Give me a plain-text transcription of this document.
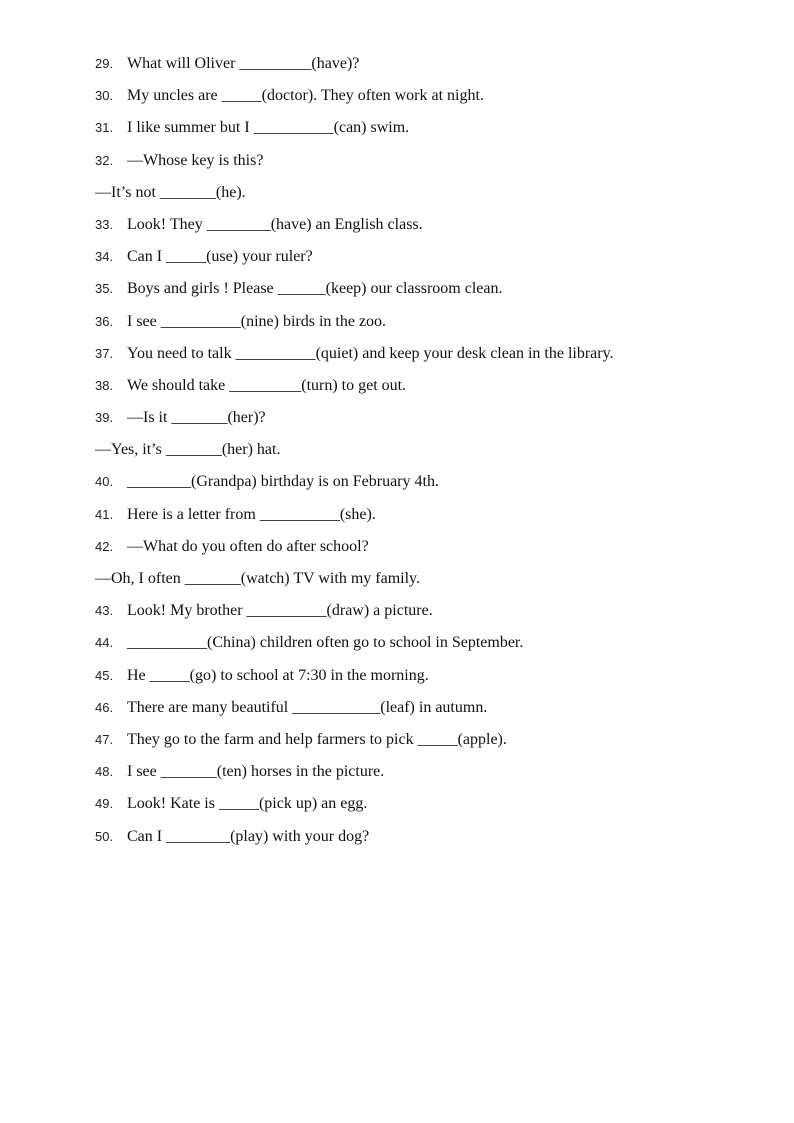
29. What will Oliver _________(have)?
30. My uncles are _____(doctor). They often work at night.
31. I like summer but I __________(can) swim.
32. —Whose key is this?
—It’s not _______(he).
33. Look! They ________(have) an English class.
34. Can I _____(use) your ruler?
35. Boys and girls ! Please ______(keep) our classroom clean.
36. I see __________(nine) birds in the zoo.
37. You need to talk __________(quiet) and keep your desk clean in the library.
38. We should take _________(turn) to get out.
39. —Is it _______(her)?
—Yes, it’s _______(her) hat.
40. ________(Grandpa) birthday is on February 4th.
41. Here is a letter from __________(she).
42. —What do you often do after school?
—Oh, I often _______(watch) TV with my family.
43. Look! My brother __________(draw) a picture.
44. __________(China) children often go to school in September.
45. He _____(go) to school at 7:30 in the morning.
46. There are many beautiful ___________(leaf) in autumn.
47. They go to the farm and help farmers to pick _____(apple).
48. I see _______(ten) horses in the picture.
49. Look! Kate is _____(pick up) an egg.
50. Can I ________(play) with your dog?
